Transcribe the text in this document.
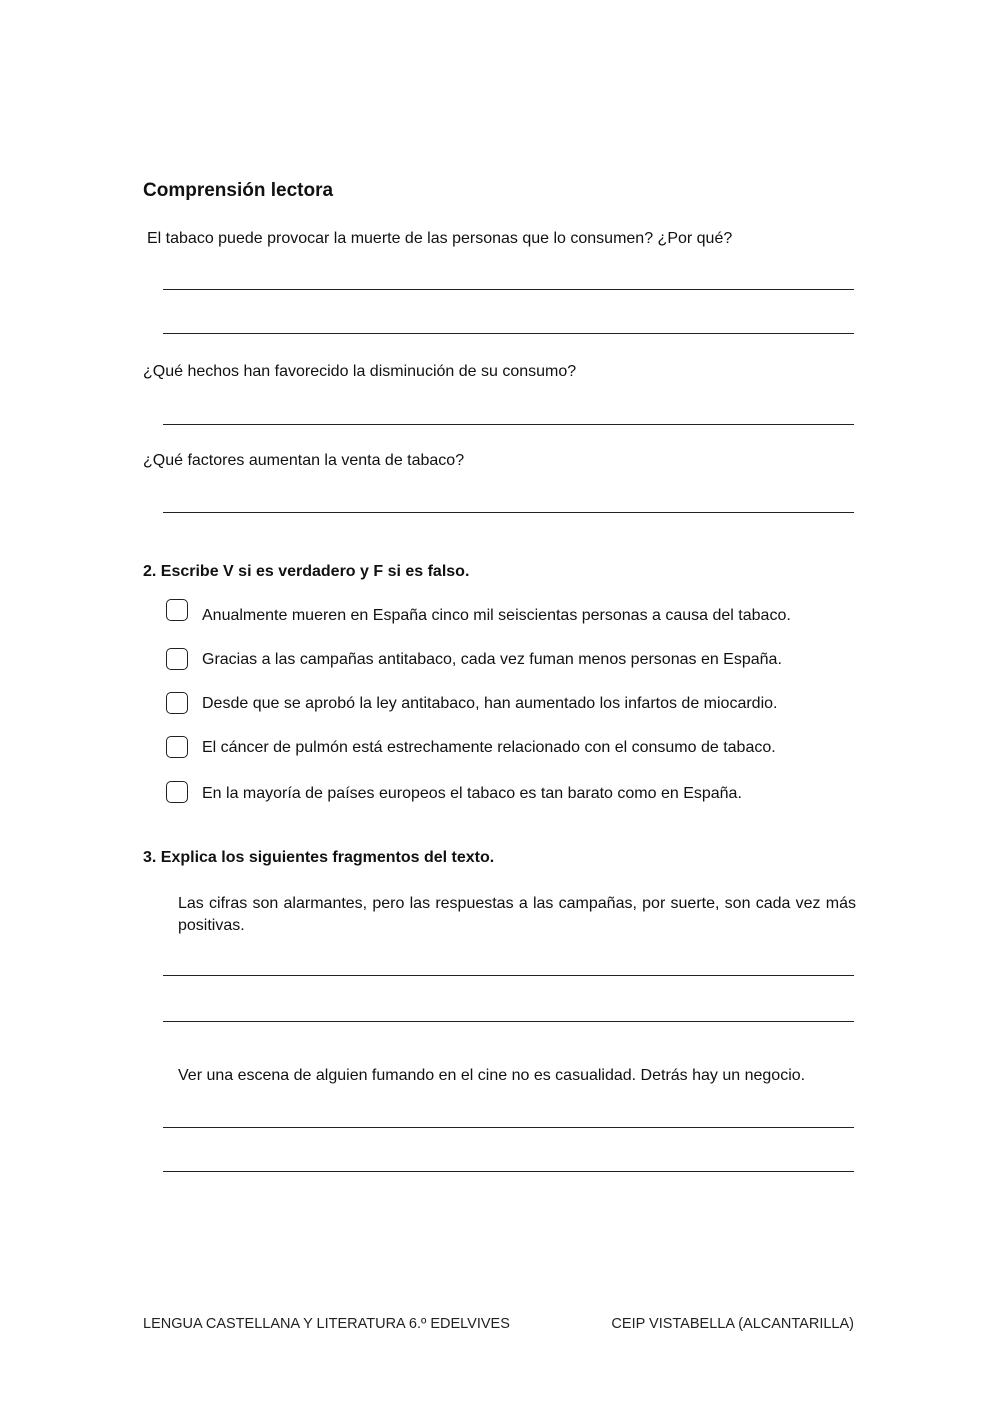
Comprensión lectora
El tabaco puede provocar la muerte de las personas que lo consumen? ¿Por qué?
¿Qué hechos han favorecido la disminución de su consumo?
¿Qué factores aumentan la venta de tabaco?
2. Escribe V si es verdadero y F si es falso.
Anualmente mueren en España cinco mil seiscientas personas a causa del tabaco.
Gracias a las campañas antitabaco, cada vez fuman menos personas en España.
Desde que se aprobó la ley antitabaco, han aumentado los infartos de miocardio.
El cáncer de pulmón está estrechamente relacionado con el consumo de tabaco.
En la mayoría de países europeos el tabaco es tan barato como en España.
3. Explica los siguientes fragmentos del texto.
Las cifras son alarmantes, pero las respuestas a las campañas, por suerte, son cada vez más positivas.
Ver una escena de alguien fumando en el cine no es casualidad. Detrás hay un negocio.
LENGUA CASTELLANA Y LITERATURA 6.º EDELVIVES	CEIP VISTABELLA (ALCANTARILLA)
